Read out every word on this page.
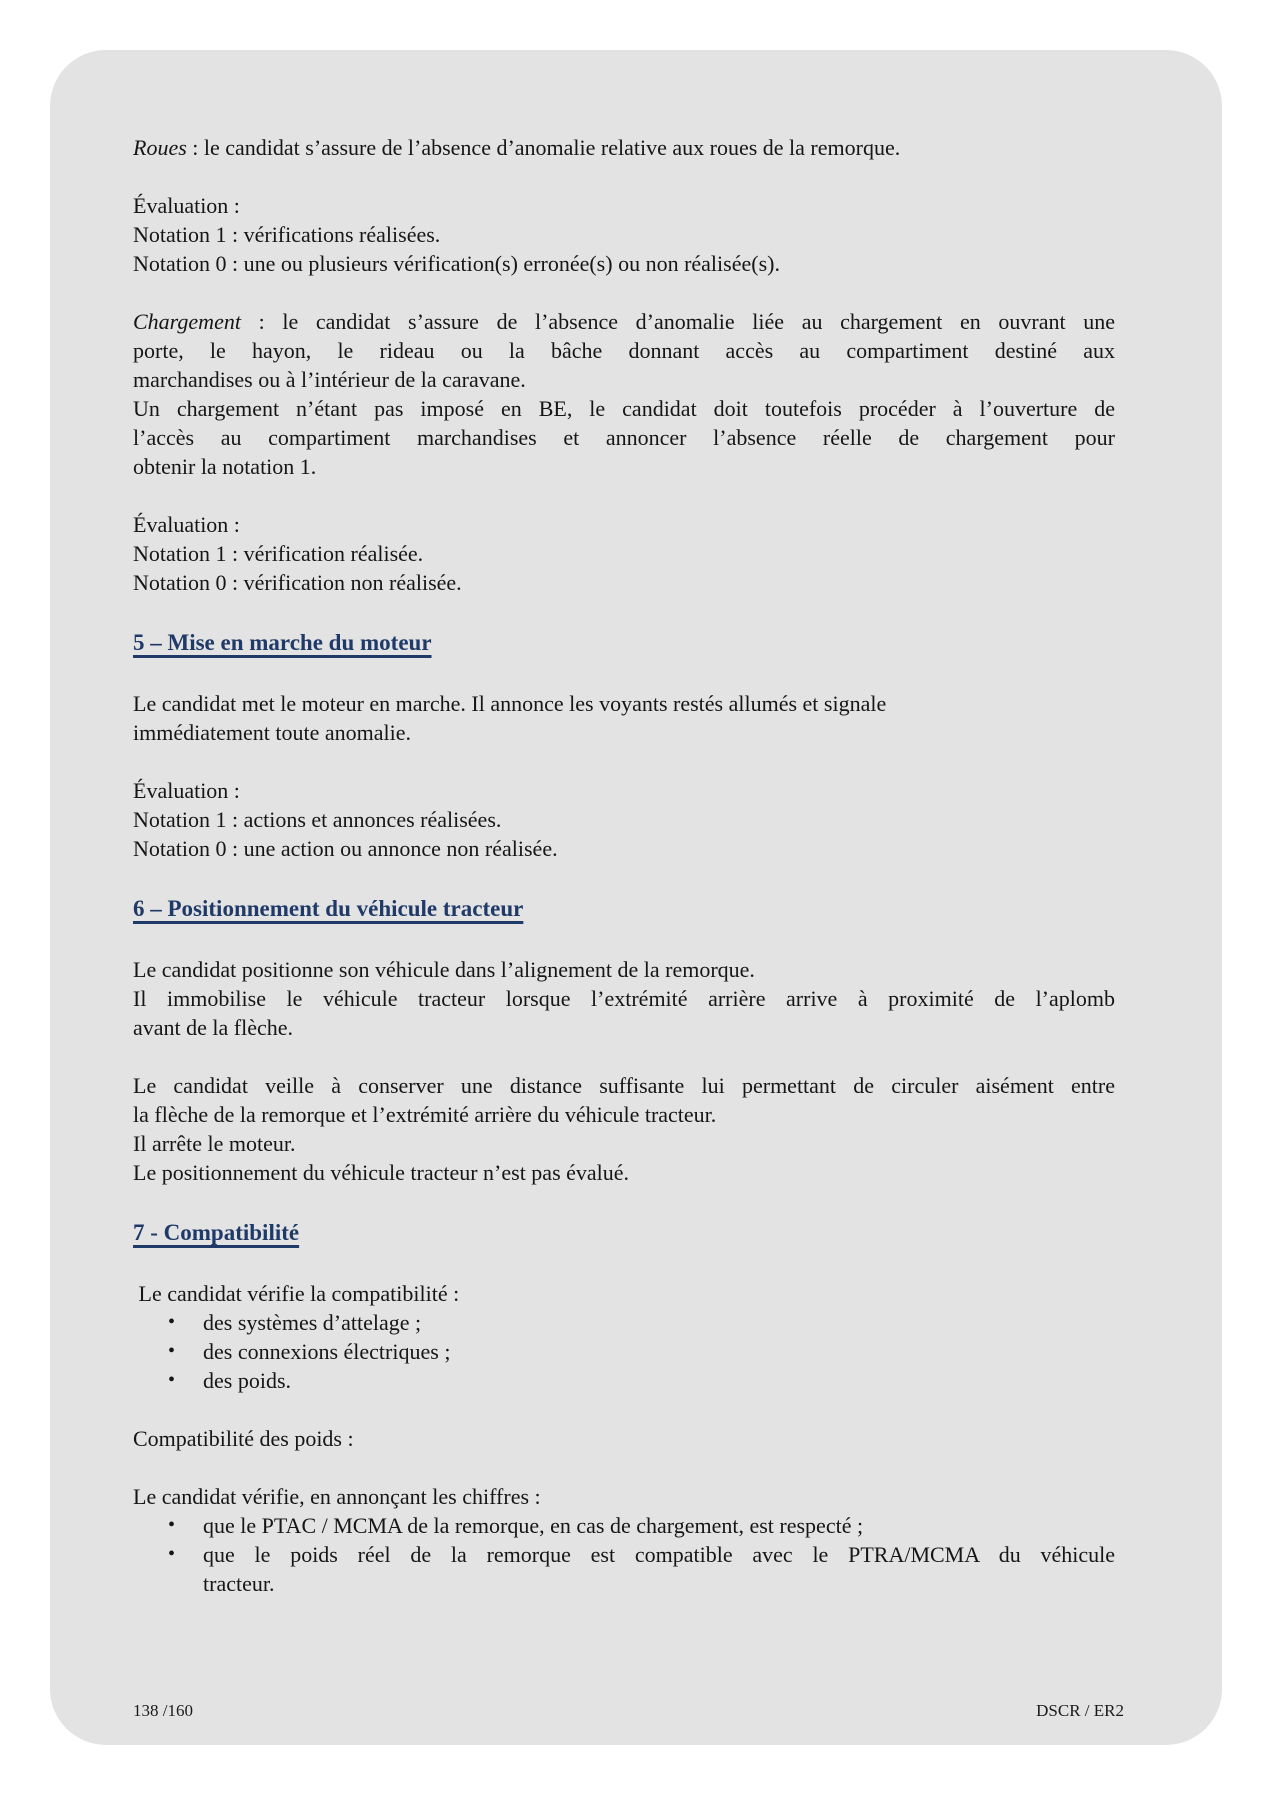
Roues : le candidat s’assure de l’absence d’anomalie relative aux roues de la remorque.
Évaluation :
Notation 1 : vérifications réalisées.
Notation 0 : une ou plusieurs vérification(s) erronée(s) ou non réalisée(s).
Chargement : le candidat s’assure de l’absence d’anomalie liée au chargement en ouvrant une
porte, le hayon, le rideau ou la bâche donnant accès au compartiment destiné aux
marchandises ou à l’intérieur de la caravane.
Un chargement n’étant pas imposé en BE, le candidat doit toutefois procéder à l’ouverture de
l’accès au compartiment marchandises et annoncer l’absence réelle de chargement pour
obtenir la notation 1.
Évaluation :
Notation 1 : vérification réalisée.
Notation 0 : vérification non réalisée.
5 – Mise en marche du moteur
Le candidat met le moteur en marche. Il annonce les voyants restés allumés et signale
immédiatement toute anomalie.
Évaluation :
Notation 1 : actions et annonces réalisées.
Notation 0 : une action ou annonce non réalisée.
6 – Positionnement du véhicule tracteur
Le candidat positionne son véhicule dans l’alignement de la remorque.
Il immobilise le véhicule tracteur lorsque l’extrémité arrière arrive à proximité de l’aplomb
avant de la flèche.
Le candidat veille à conserver une distance suffisante lui permettant de circuler aisément entre
la flèche de la remorque et l’extrémité arrière du véhicule tracteur.
Il arrête le moteur.
Le positionnement du véhicule tracteur n’est pas évalué.
7 - Compatibilité
Le candidat vérifie la compatibilité :
•	des systèmes d’attelage ;
•	des connexions électriques ;
•	des poids.
Compatibilité des poids :
Le candidat vérifie, en annonçant les chiffres :
•	que le PTAC / MCMA de la remorque, en cas de chargement, est respecté ;
•	que le poids réel de la remorque est compatible avec le PTRA/MCMA du véhicule
tracteur.
138 /160	DSCR / ER2
